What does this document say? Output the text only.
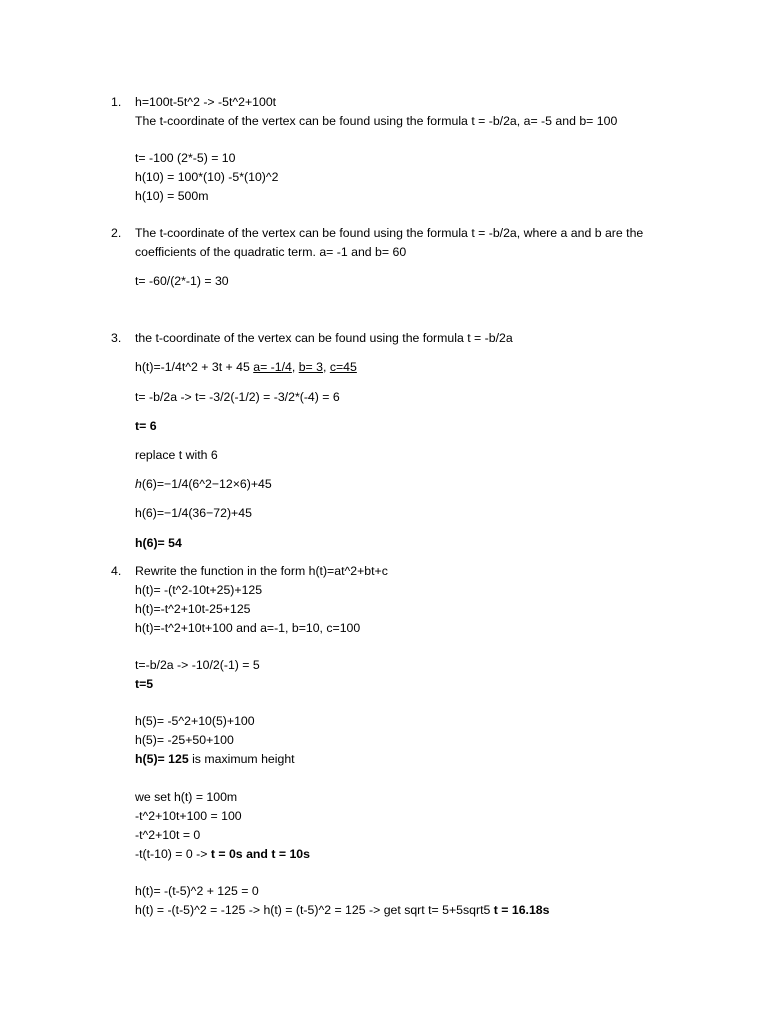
1. h=100t-5t^2 -> -5t^2+100t
The t-coordinate of the vertex can be found using the formula t = -b/2a, a= -5 and b= 100
t= -100 (2*-5) = 10
h(10) = 100*(10) -5*(10)^2
h(10) = 500m
2. The t-coordinate of the vertex can be found using the formula t = -b/2a, where a and b are the
coefficients of the quadratic term. a= -1 and b= 60
t= -60/(2*-1) = 30
3. the t-coordinate of the vertex can be found using the formula t = -b/2a
h(t)=-1/4t^2 + 3t + 45 a= -1/4, b= 3, c=45
t= -b/2a -> t= -3/2(-1/2) = -3/2*(-4) = 6
t= 6
replace t with 6
h(6)=−1/4(6^2−12×6)+45
h(6)=−1/4(36−72)+45
h(6)= 54
4. Rewrite the function in the form h(t)=at^2+bt+c
h(t)= -(t^2-10t+25)+125
h(t)=-t^2+10t-25+125
h(t)=-t^2+10t+100 and a=-1, b=10, c=100
t=-b/2a -> -10/2(-1) = 5
t=5
h(5)= -5^2+10(5)+100
h(5)= -25+50+100
h(5)= 125 is maximum height
we set h(t) = 100m
-t^2+10t+100 = 100
-t^2+10t = 0
-t(t-10) = 0 -> t = 0s and t = 10s
h(t)= -(t-5)^2 + 125 = 0
h(t) = -(t-5)^2 = -125 -> h(t) = (t-5)^2 = 125 -> get sqrt t= 5+5sqrt5 t = 16.18s
